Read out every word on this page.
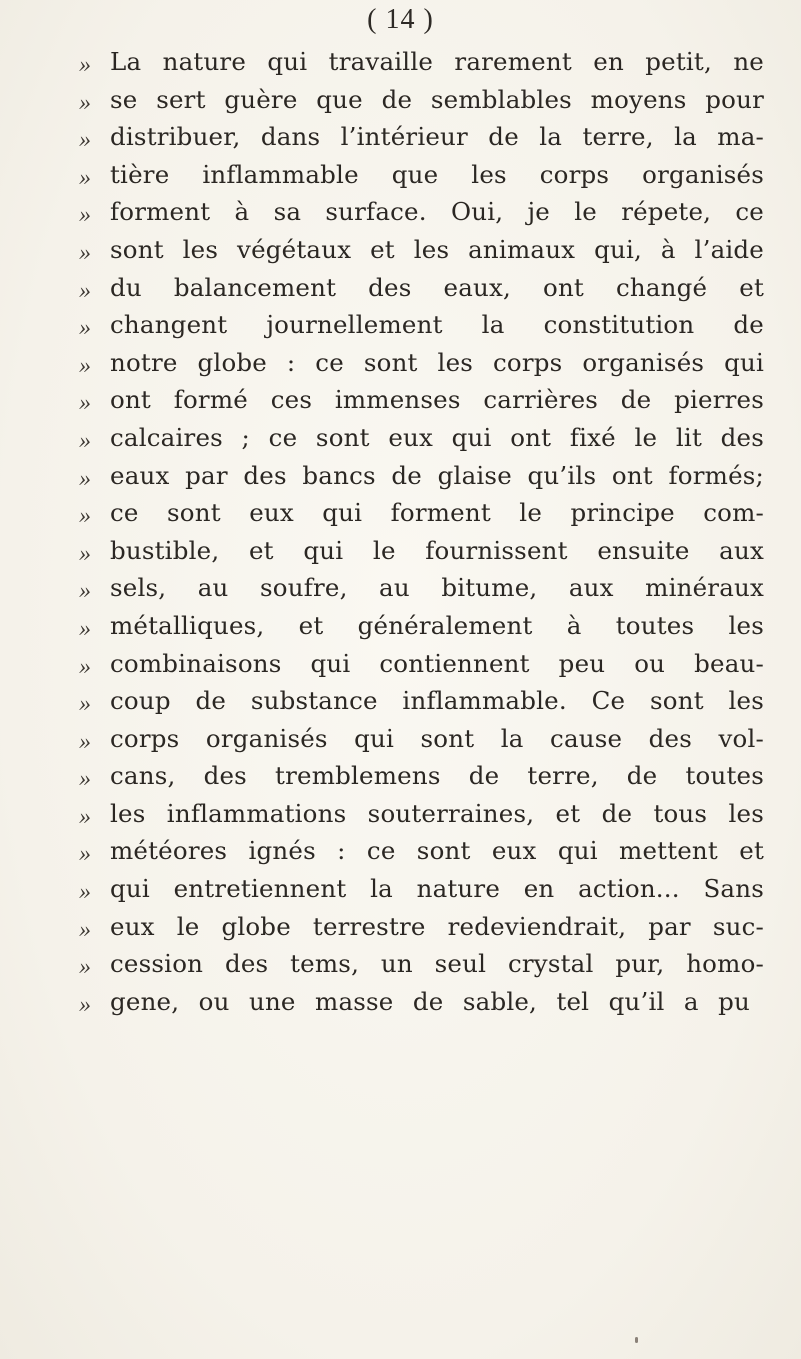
( 14 )
» La nature qui travaille rarement en petit, ne
» se sert guère que de semblables moyens pour
» distribuer, dans l’intérieur de la terre, la ma-
» tière inflammable que les corps organisés
» forment à sa surface. Oui, je le répete, ce
» sont les végétaux et les animaux qui, à l’aide
» du balancement des eaux, ont changé et
» changent journellement la constitution de
» notre globe : ce sont les corps organisés qui
» ont formé ces immenses carrières de pierres
» calcaires ; ce sont eux qui ont fixé le lit des
» eaux par des bancs de glaise qu’ils ont formés;
» ce sont eux qui forment le principe com-
» bustible, et qui le fournissent ensuite aux
» sels, au soufre, au bitume, aux minéraux
» métalliques, et généralement à toutes les
» combinaisons qui contiennent peu ou beau-
» coup de substance inflammable. Ce sont les
» corps organisés qui sont la cause des vol-
» cans, des tremblemens de terre, de toutes
» les inflammations souterraines, et de tous les
» météores ignés : ce sont eux qui mettent et
» qui entretiennent la nature en action... Sans
» eux le globe terrestre redeviendrait, par suc-
» cession des tems, un seul crystal pur, homo-
» gene, ou une masse de sable, tel qu’il a pu
